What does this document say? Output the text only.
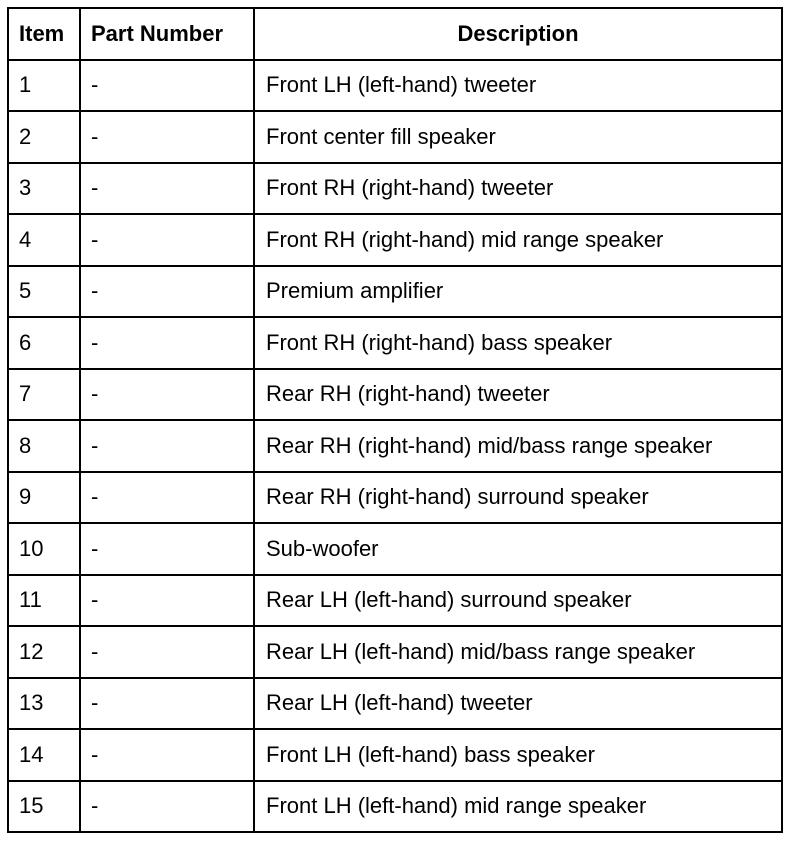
Item	Part Number	Description
1	-	Front LH (left-hand) tweeter
2	-	Front center fill speaker
3	-	Front RH (right-hand) tweeter
4	-	Front RH (right-hand) mid range speaker
5	-	Premium amplifier
6	-	Front RH (right-hand) bass speaker
7	-	Rear RH (right-hand) tweeter
8	-	Rear RH (right-hand) mid/bass range speaker
9	-	Rear RH (right-hand) surround speaker
10	-	Sub-woofer
11	-	Rear LH (left-hand) surround speaker
12	-	Rear LH (left-hand) mid/bass range speaker
13	-	Rear LH (left-hand) tweeter
14	-	Front LH (left-hand) bass speaker
15	-	Front LH (left-hand) mid range speaker
